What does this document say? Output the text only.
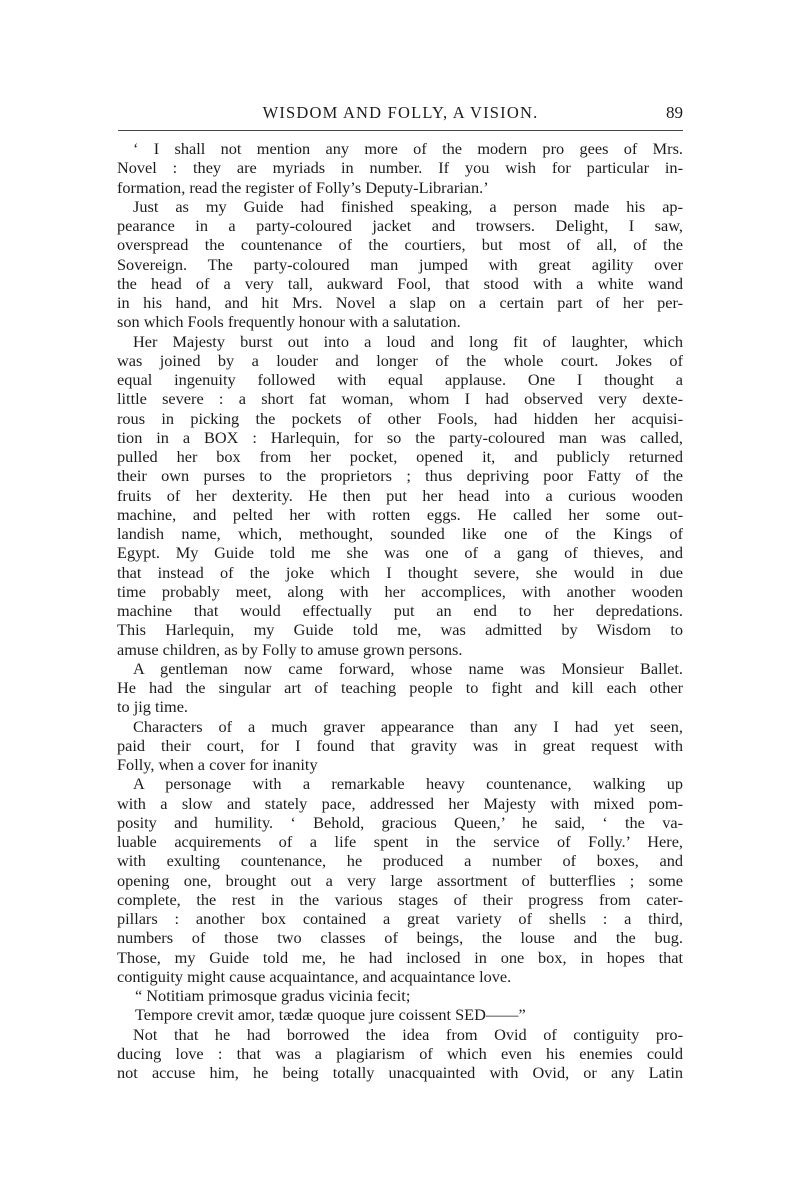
WISDOM AND FOLLY, A VISION.	89
‘ I shall not mention any more of the modern pro gees of Mrs.
Novel : they are myriads in number. If you wish for particular in-
formation, read the register of Folly’s Deputy-Librarian.’
Just as my Guide had finished speaking, a person made his ap-
pearance in a party-coloured jacket and trowsers. Delight, I saw,
overspread the countenance of the courtiers, but most of all, of the
Sovereign. The party-coloured man jumped with great agility over
the head of a very tall, aukward Fool, that stood with a white wand
in his hand, and hit Mrs. Novel a slap on a certain part of her per-
son which Fools frequently honour with a salutation.
Her Majesty burst out into a loud and long fit of laughter, which
was joined by a louder and longer of the whole court. Jokes of
equal ingenuity followed with equal applause. One I thought a
little severe : a short fat woman, whom I had observed very dexte-
rous in picking the pockets of other Fools, had hidden her acquisi-
tion in a BOX : Harlequin, for so the party-coloured man was called,
pulled her box from her pocket, opened it, and publicly returned
their own purses to the proprietors ; thus depriving poor Fatty of the
fruits of her dexterity. He then put her head into a curious wooden
machine, and pelted her with rotten eggs. He called her some out-
landish name, which, methought, sounded like one of the Kings of
Egypt. My Guide told me she was one of a gang of thieves, and
that instead of the joke which I thought severe, she would in due
time probably meet, along with her accomplices, with another wooden
machine that would effectually put an end to her depredations.
This Harlequin, my Guide told me, was admitted by Wisdom to
amuse children, as by Folly to amuse grown persons.
A gentleman now came forward, whose name was Monsieur Ballet.
He had the singular art of teaching people to fight and kill each other
to jig time.
Characters of a much graver appearance than any I had yet seen,
paid their court, for I found that gravity was in great request with
Folly, when a cover for inanity
A personage with a remarkable heavy countenance, walking up
with a slow and stately pace, addressed her Majesty with mixed pom-
posity and humility. ‘ Behold, gracious Queen,’ he said, ‘ the va-
luable acquirements of a life spent in the service of Folly.’ Here,
with exulting countenance, he produced a number of boxes, and
opening one, brought out a very large assortment of butterflies ; some
complete, the rest in the various stages of their progress from cater-
pillars : another box contained a great variety of shells : a third,
numbers of those two classes of beings, the louse and the bug.
Those, my Guide told me, he had inclosed in one box, in hopes that
contiguity might cause acquaintance, and acquaintance love.
“ Notitiam primosque gradus vicinia fecit;
Tempore crevit amor, tædæ quoque jure coissent SED——”
Not that he had borrowed the idea from Ovid of contiguity pro-
ducing love : that was a plagiarism of which even his enemies could
not accuse him, he being totally unacquainted with Ovid, or any Latin
